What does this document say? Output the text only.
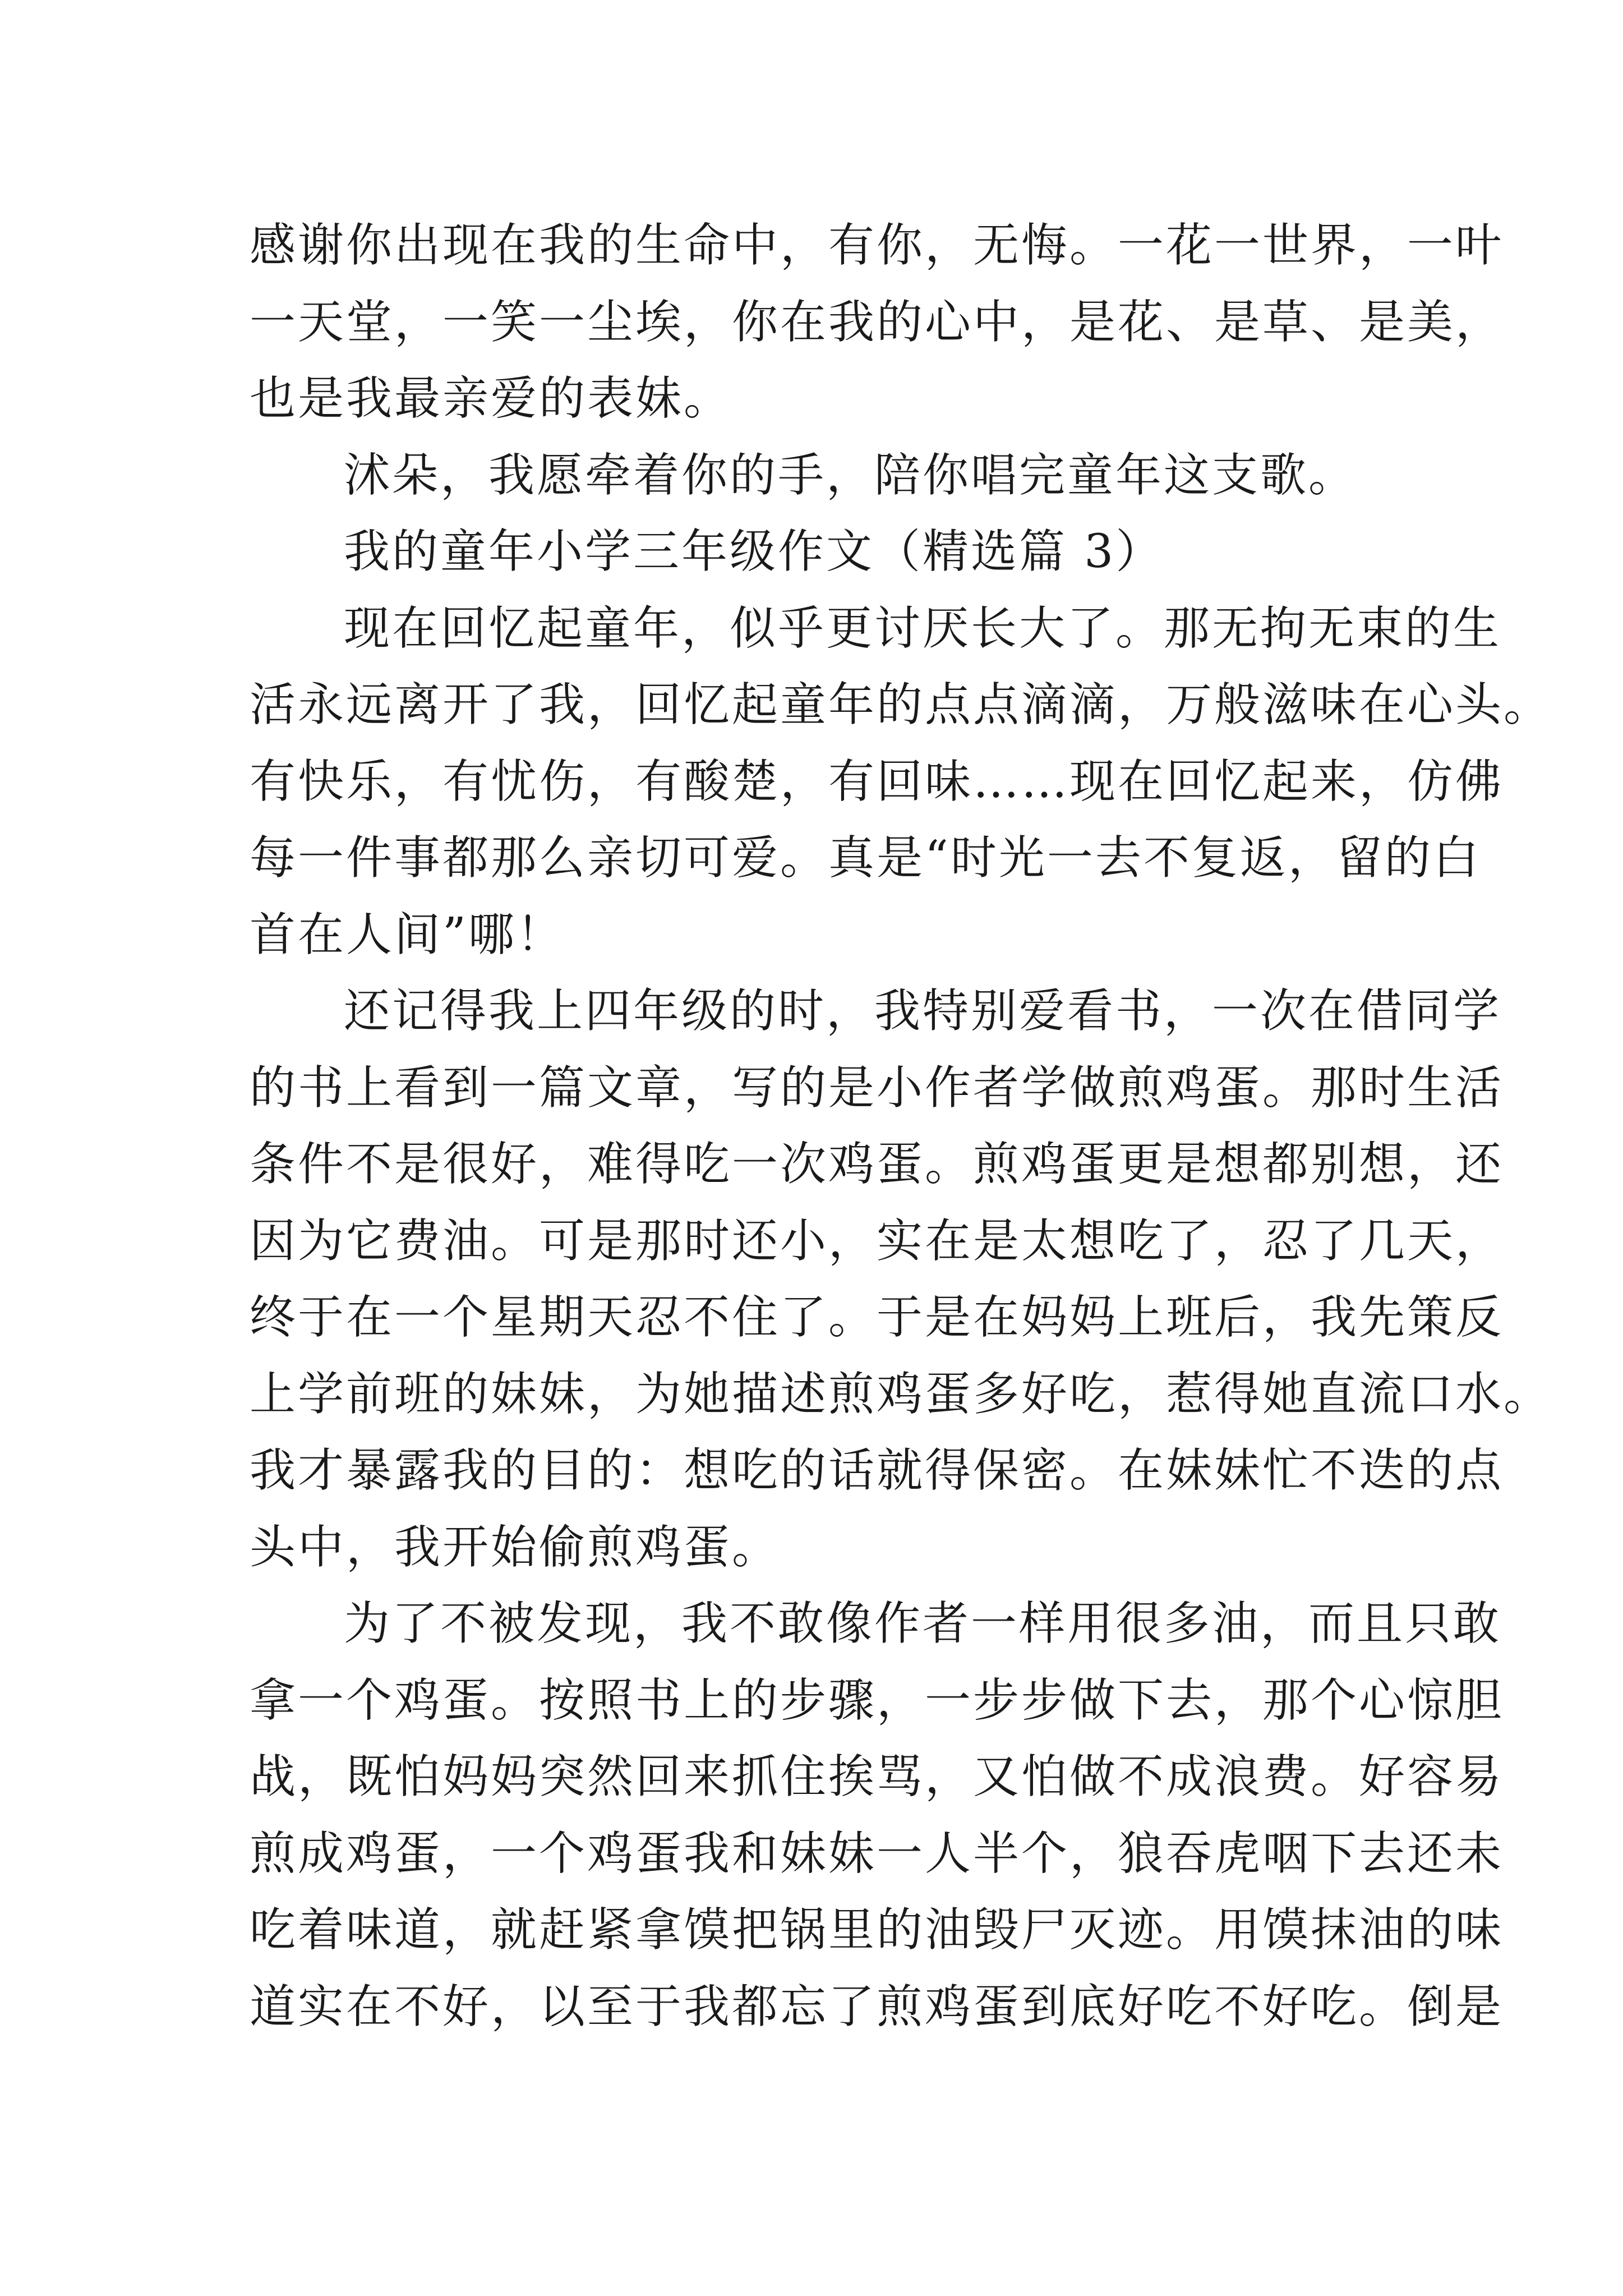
感谢你出现在我的生命中，有你，无悔。一花一世界，一叶
一天堂，一笑一尘埃，你在我的心中，是花、是草、是美，
也是我最亲爱的表妹。
沭朵，我愿牵着你的手，陪你唱完童年这支歌。
我的童年小学三年级作文（精选篇 3）
现在回忆起童年，似乎更讨厌长大了。那无拘无束的生
活永远离开了我，回忆起童年的点点滴滴，万般滋味在心头。
有快乐，有忧伤，有酸楚，有回味……现在回忆起来，仿佛
每一件事都那么亲切可爱。真是“时光一去不复返，留的白
首在人间”哪！
还记得我上四年级的时，我特别爱看书，一次在借同学
的书上看到一篇文章，写的是小作者学做煎鸡蛋。那时生活
条件不是很好，难得吃一次鸡蛋。煎鸡蛋更是想都别想，还
因为它费油。可是那时还小，实在是太想吃了，忍了几天，
终于在一个星期天忍不住了。于是在妈妈上班后，我先策反
上学前班的妹妹，为她描述煎鸡蛋多好吃，惹得她直流口水。
我才暴露我的目的：想吃的话就得保密。在妹妹忙不迭的点
头中，我开始偷煎鸡蛋。
为了不被发现，我不敢像作者一样用很多油，而且只敢
拿一个鸡蛋。按照书上的步骤，一步步做下去，那个心惊胆
战，既怕妈妈突然回来抓住挨骂，又怕做不成浪费。好容易
煎成鸡蛋，一个鸡蛋我和妹妹一人半个，狼吞虎咽下去还未
吃着味道，就赶紧拿馍把锅里的油毁尸灭迹。用馍抹油的味
道实在不好，以至于我都忘了煎鸡蛋到底好吃不好吃。倒是
